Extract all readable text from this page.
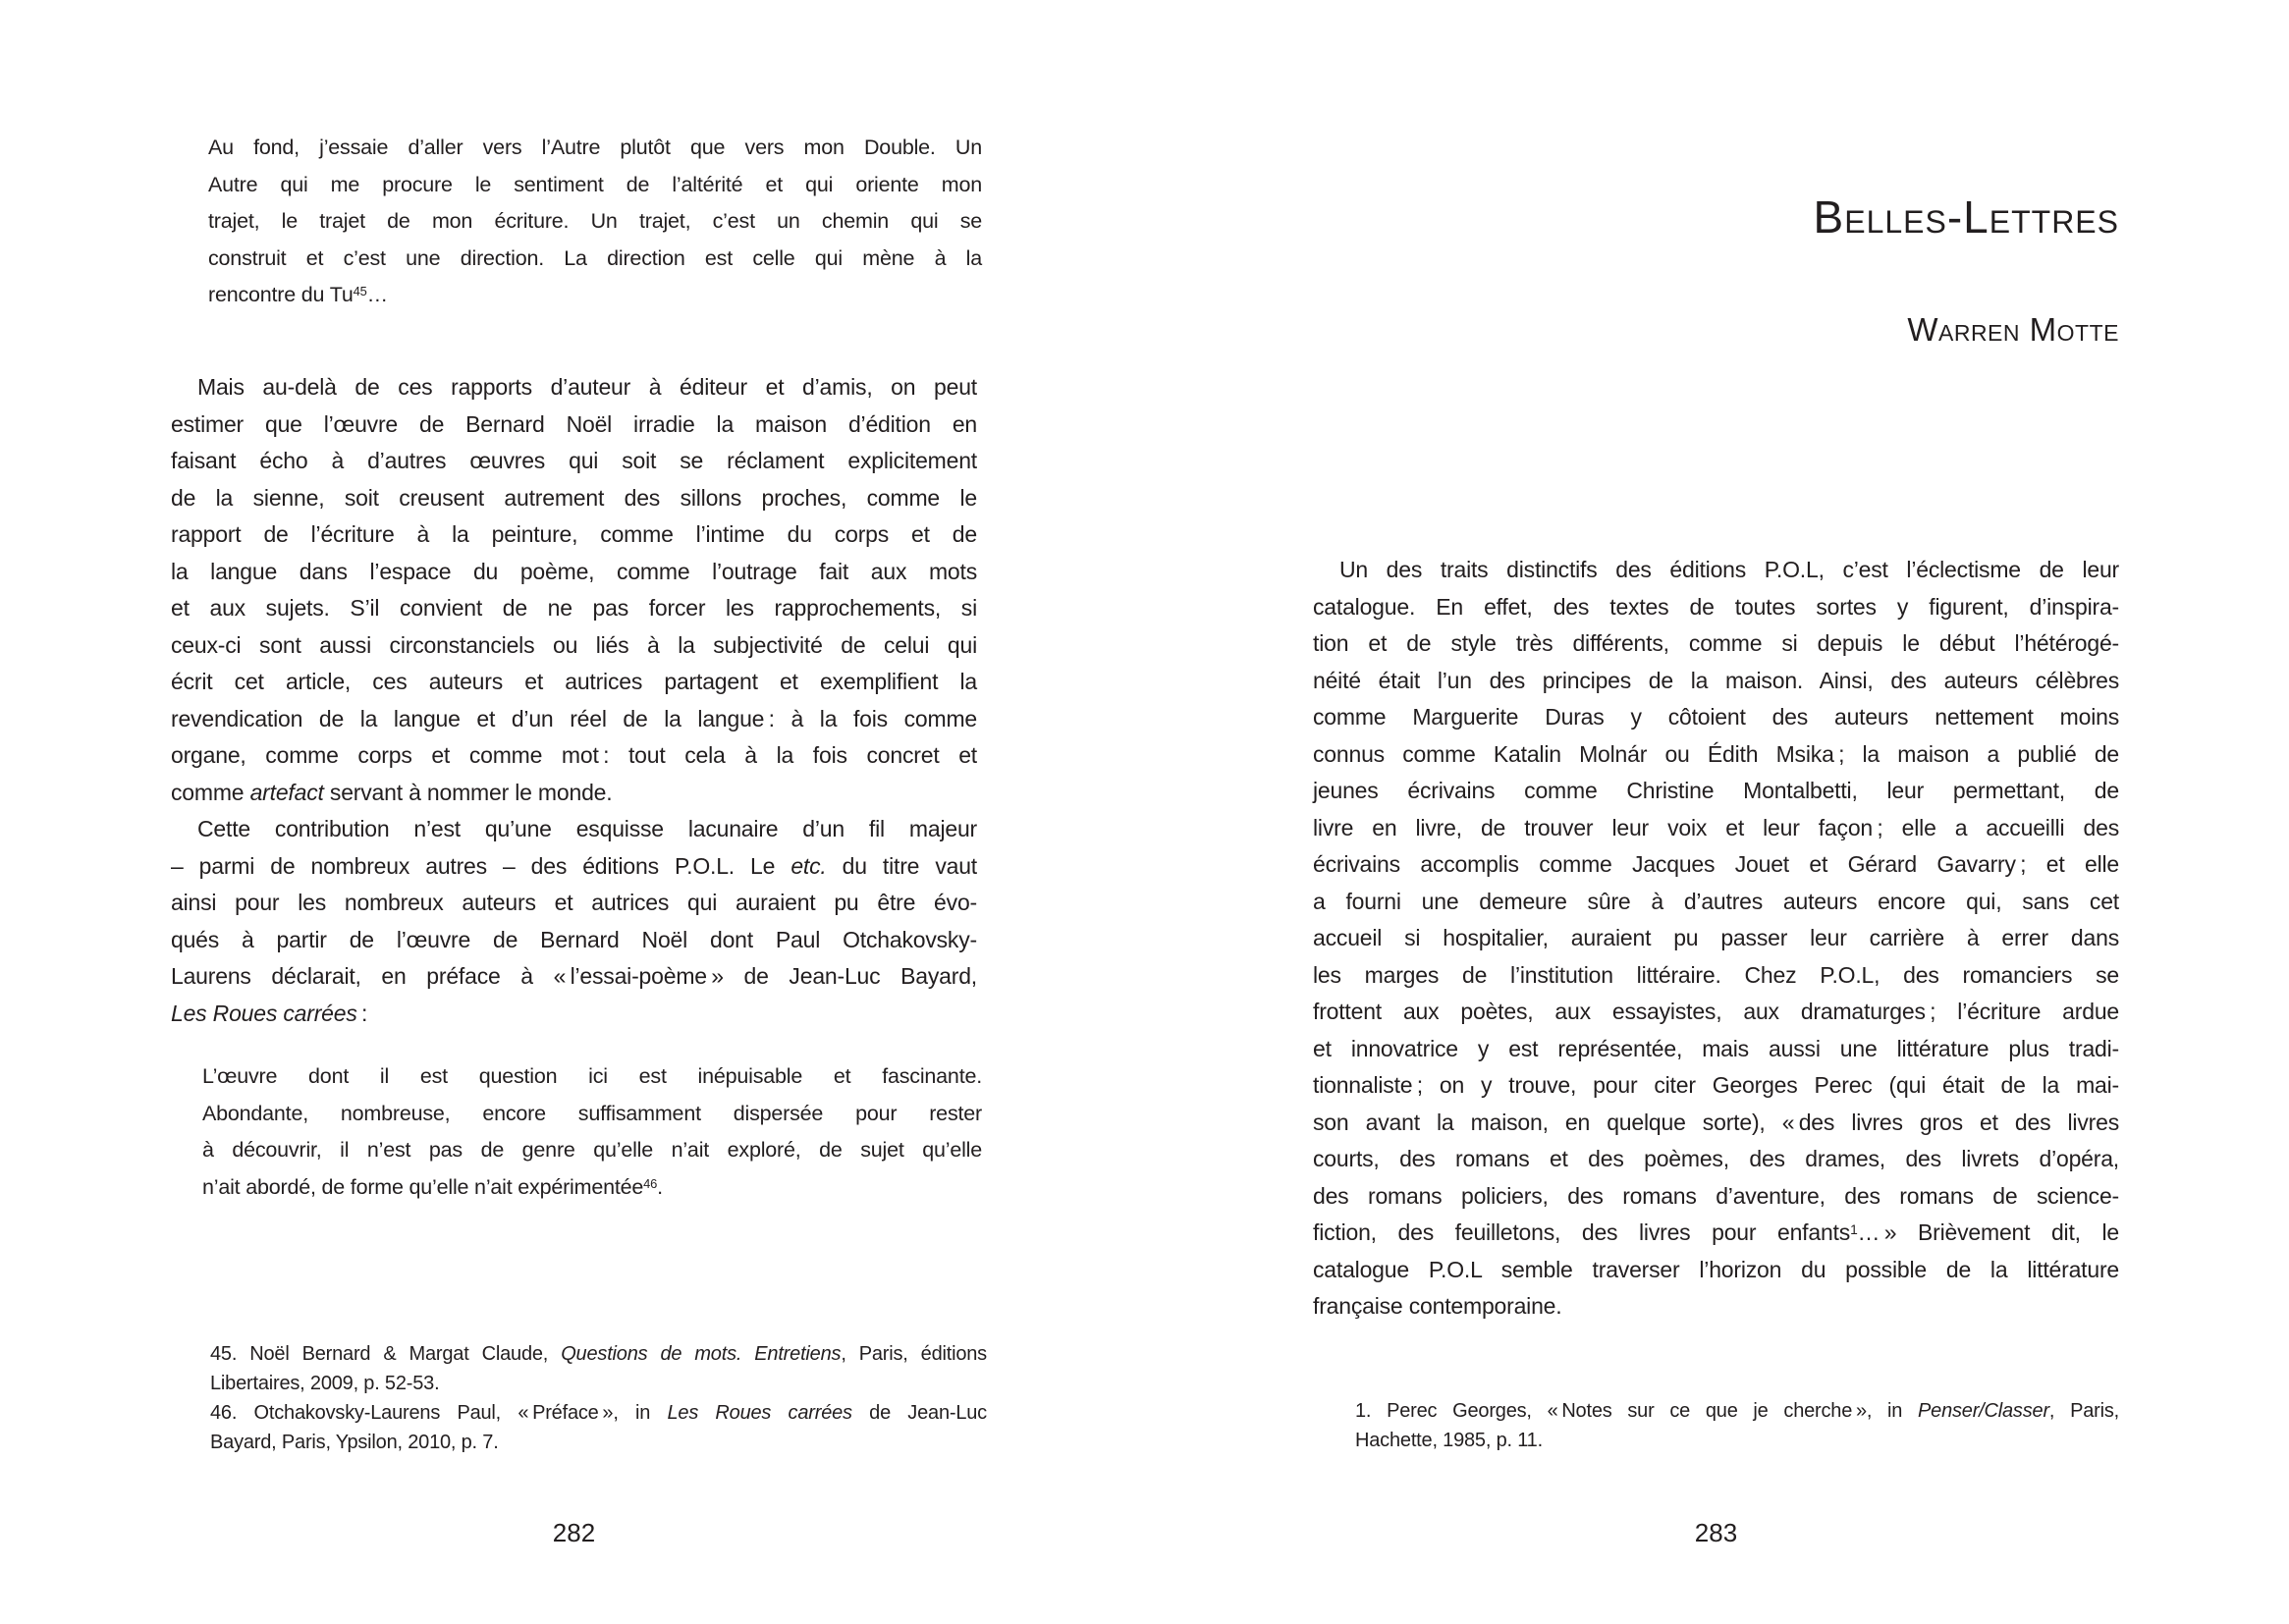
Au fond, j’essaie d’aller vers l’Autre plutôt que vers mon Double. Un
Autre qui me procure le sentiment de l’altérité et qui oriente mon
trajet, le trajet de mon écriture. Un trajet, c’est un chemin qui se
construit et c’est une direction. La direction est celle qui mène à la
rencontre du Tu$^{45}$…
Mais au-delà de ces rapports d’auteur à éditeur et d’amis, on peut
estimer que l’œuvre de Bernard Noël irradie la maison d’édition en
faisant écho à d’autres œuvres qui soit se réclament explicitement
de la sienne, soit creusent autrement des sillons proches, comme le
rapport de l’écriture à la peinture, comme l’intime du corps et de
la langue dans l’espace du poème, comme l’outrage fait aux mots
et aux sujets. S’il convient de ne pas forcer les rapprochements, si
ceux-ci sont aussi circonstanciels ou liés à la subjectivité de celui qui
écrit cet article, ces auteurs et autrices partagent et exemplifient la
revendication de la langue et d’un réel de la langue : à la fois comme
organe, comme corps et comme mot : tout cela à la fois concret et
comme artefact servant à nommer le monde.
Cette contribution n’est qu’une esquisse lacunaire d’un fil majeur
– parmi de nombreux autres – des éditions P.O.L. Le etc. du titre vaut
ainsi pour les nombreux auteurs et autrices qui auraient pu être évo-
qués à partir de l’œuvre de Bernard Noël dont Paul Otchakovsky-
Laurens déclarait, en préface à « l’essai-poème » de Jean-Luc Bayard,
Les Roues carrées :
L’œuvre dont il est question ici est inépuisable et fascinante.
Abondante, nombreuse, encore suffisamment dispersée pour rester
à découvrir, il n’est pas de genre qu’elle n’ait exploré, de sujet qu’elle
n’ait abordé, de forme qu’elle n’ait expérimentée$^{46}$.
45. Noël Bernard & Margat Claude, Questions de mots. Entretiens, Paris, éditions
Libertaires, 2009, p. 52-53.
46. Otchakovsky-Laurens Paul, « Préface », in Les Roues carrées de Jean-Luc
Bayard, Paris, Ypsilon, 2010, p. 7.
282
Belles-Lettres
Warren Motte
Un des traits distinctifs des éditions P.O.L, c’est l’éclectisme de leur
catalogue. En effet, des textes de toutes sortes y figurent, d’inspira-
tion et de style très différents, comme si depuis le début l’hétérogé-
néité était l’un des principes de la maison. Ainsi, des auteurs célèbres
comme Marguerite Duras y côtoient des auteurs nettement moins
connus comme Katalin Molnár ou Édith Msika ; la maison a publié de
jeunes écrivains comme Christine Montalbetti, leur permettant, de
livre en livre, de trouver leur voix et leur façon ; elle a accueilli des
écrivains accomplis comme Jacques Jouet et Gérard Gavarry ; et elle
a fourni une demeure sûre à d’autres auteurs encore qui, sans cet
accueil si hospitalier, auraient pu passer leur carrière à errer dans
les marges de l’institution littéraire. Chez P.O.L, des romanciers se
frottent aux poètes, aux essayistes, aux dramaturges ; l’écriture ardue
et innovatrice y est représentée, mais aussi une littérature plus tradi-
tionnaliste ; on y trouve, pour citer Georges Perec (qui était de la mai-
son avant la maison, en quelque sorte), « des livres gros et des livres
courts, des romans et des poèmes, des drames, des livrets d’opéra,
des romans policiers, des romans d’aventure, des romans de science-
fiction, des feuilletons, des livres pour enfants$^1$… » Brièvement dit, le
catalogue P.O.L semble traverser l’horizon du possible de la littérature
française contemporaine.
1. Perec Georges, « Notes sur ce que je cherche », in Penser/Classer, Paris,
Hachette, 1985, p. 11.
283
